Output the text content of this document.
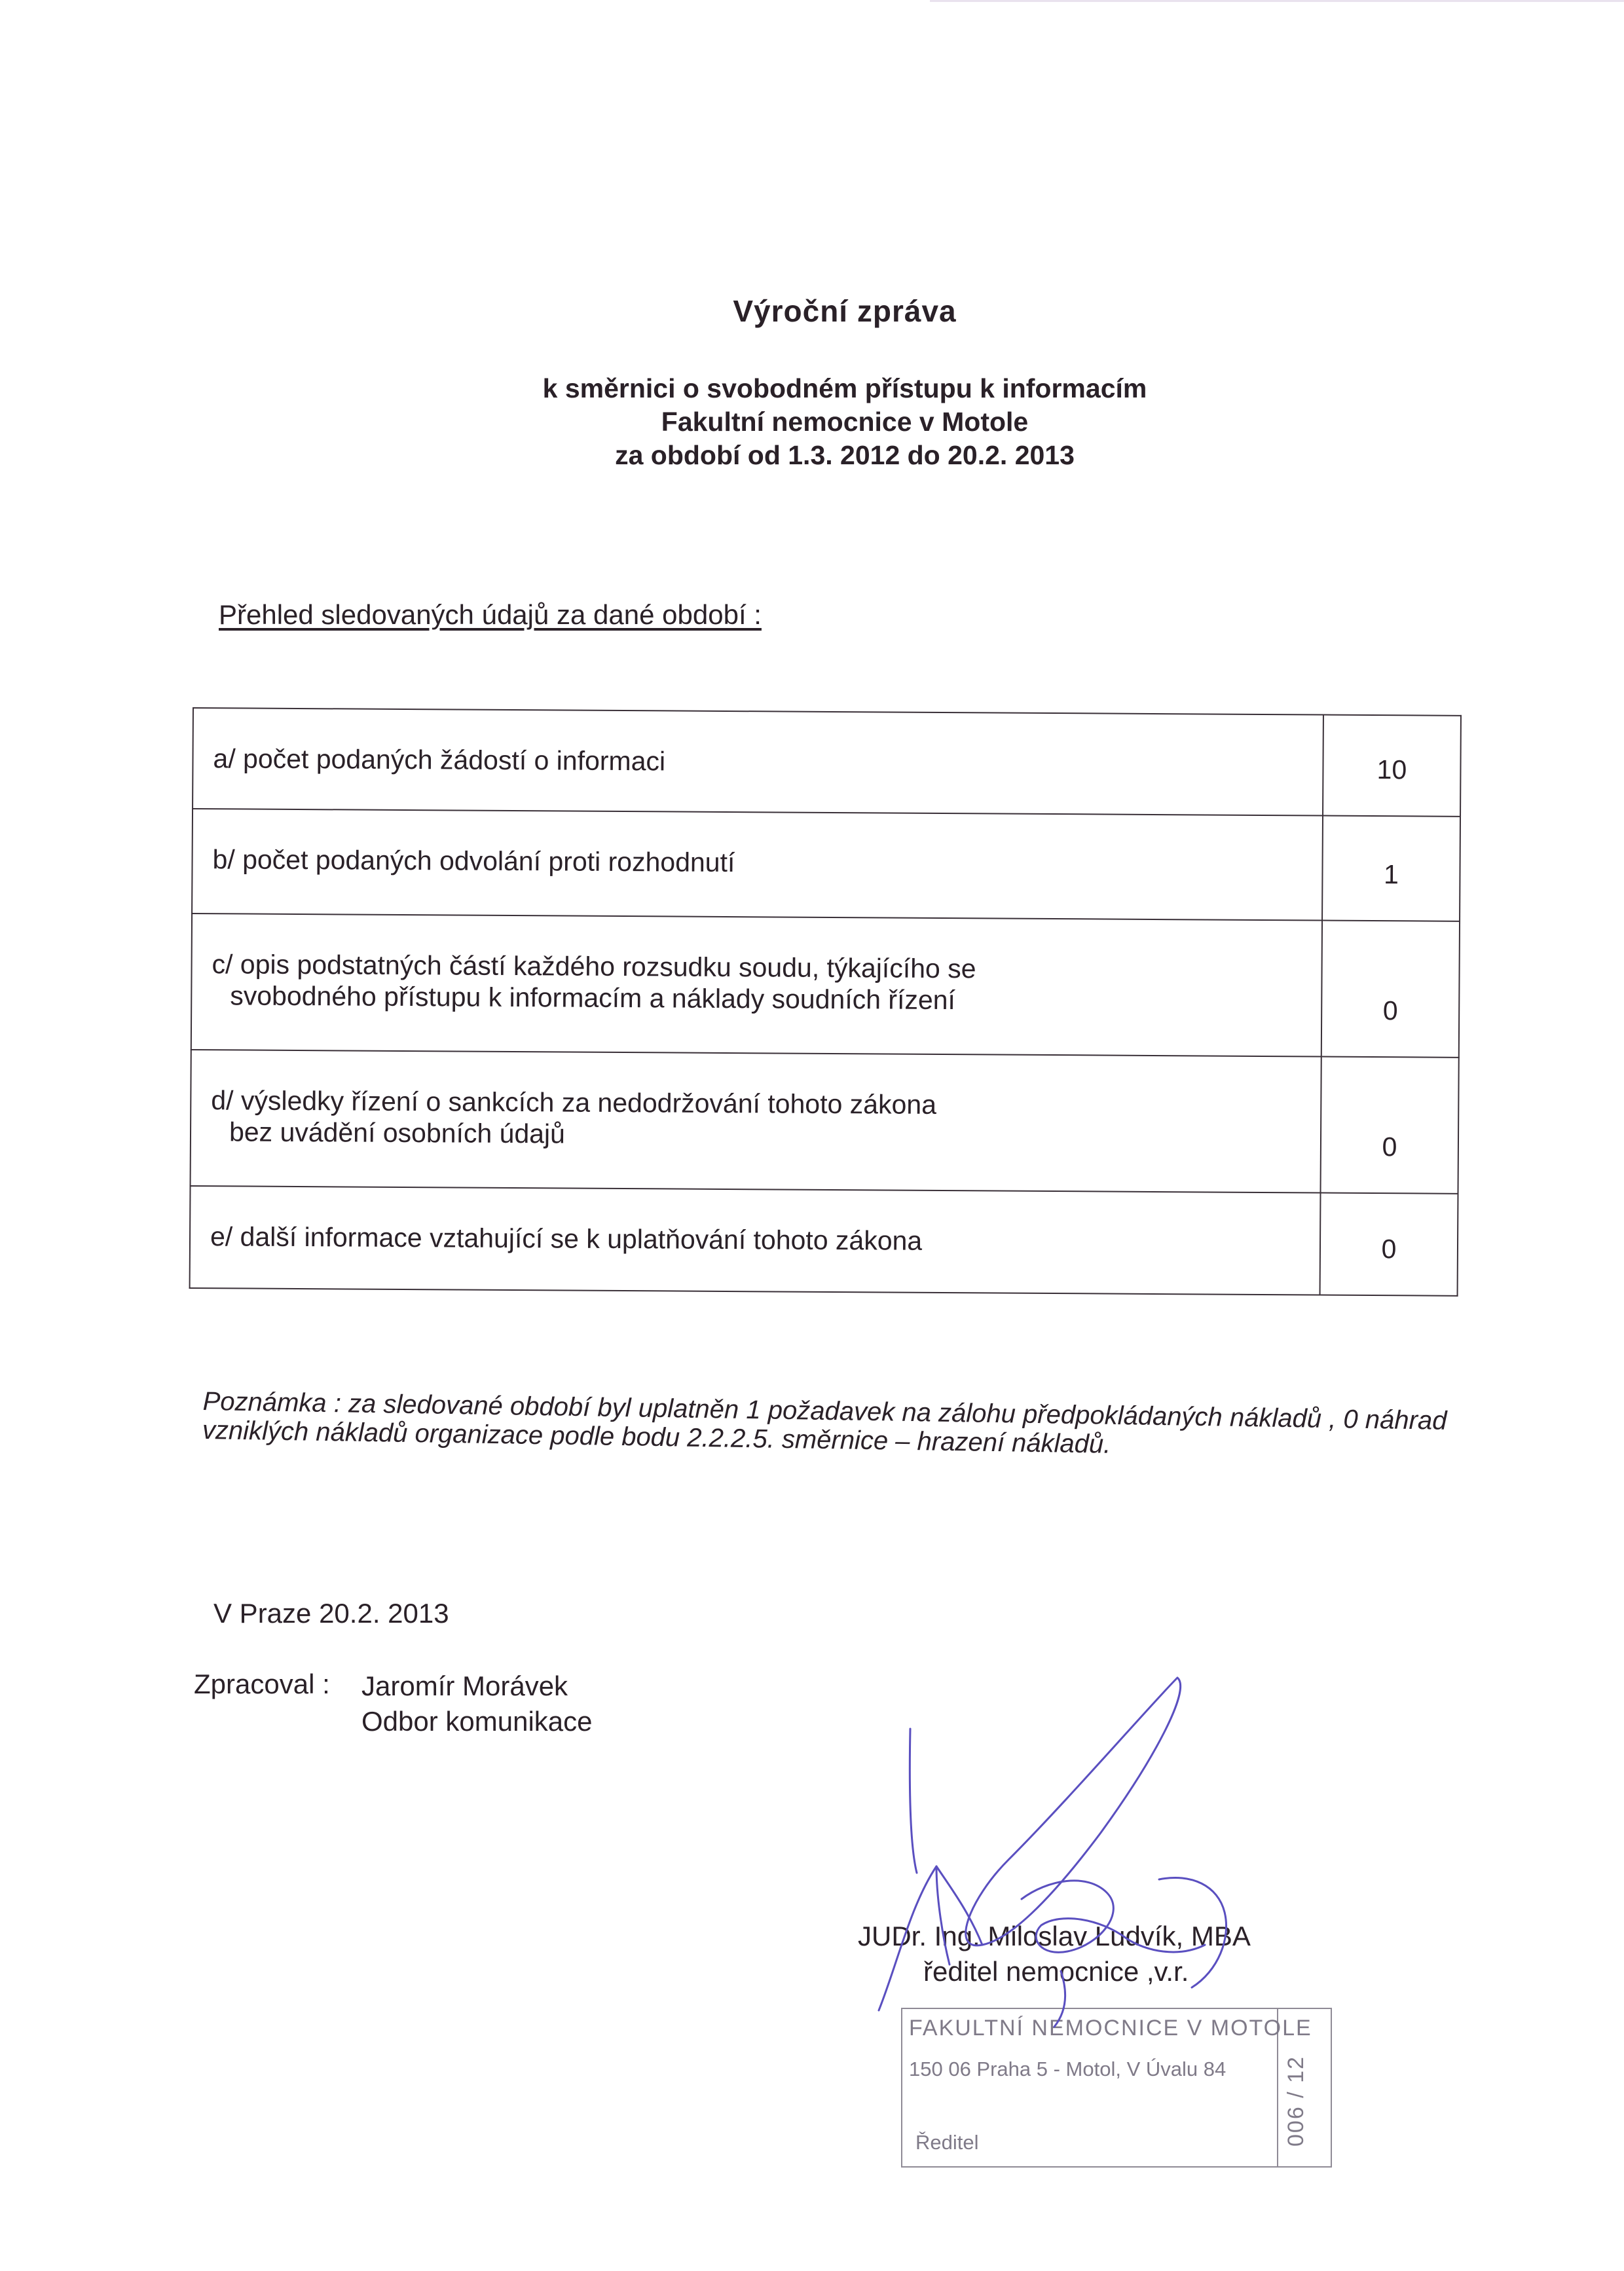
Výroční zpráva
k směrnici o svobodném přístupu k informacím
Fakultní nemocnice v Motole
za období od 1.3. 2012 do 20.2. 2013
Přehled sledovaných údajů za dané období :
a/ počet podaných žádostí o informaci	10
b/ počet podaných odvolání proti rozhodnutí	1
c/ opis podstatných částí každého rozsudku soudu, týkajícího se
svobodného přístupu k informacím a náklady soudních řízení	0
d/ výsledky řízení o sankcích za nedodržování tohoto zákona
bez uvádění osobních údajů	0
e/ další informace vztahující se k uplatňování tohoto zákona	0
Poznámka : za sledované období byl uplatněn 1 požadavek na zálohu předpokládaných nákladů , 0 náhrad vzniklých nákladů organizace podle bodu 2.2.2.5. směrnice – hrazení nákladů.
V Praze 20.2. 2013
Zpracoval : Jaromír Morávek
Odbor komunikace
FAKULTNÍ NEMOCNICE V MOTOLE
150 06 Praha 5 - Motol, V Úvalu 84
Ředitel	006 / 12
JUDr. Ing. Miloslav Ludvík, MBA
ředitel nemocnice ,v.r.
